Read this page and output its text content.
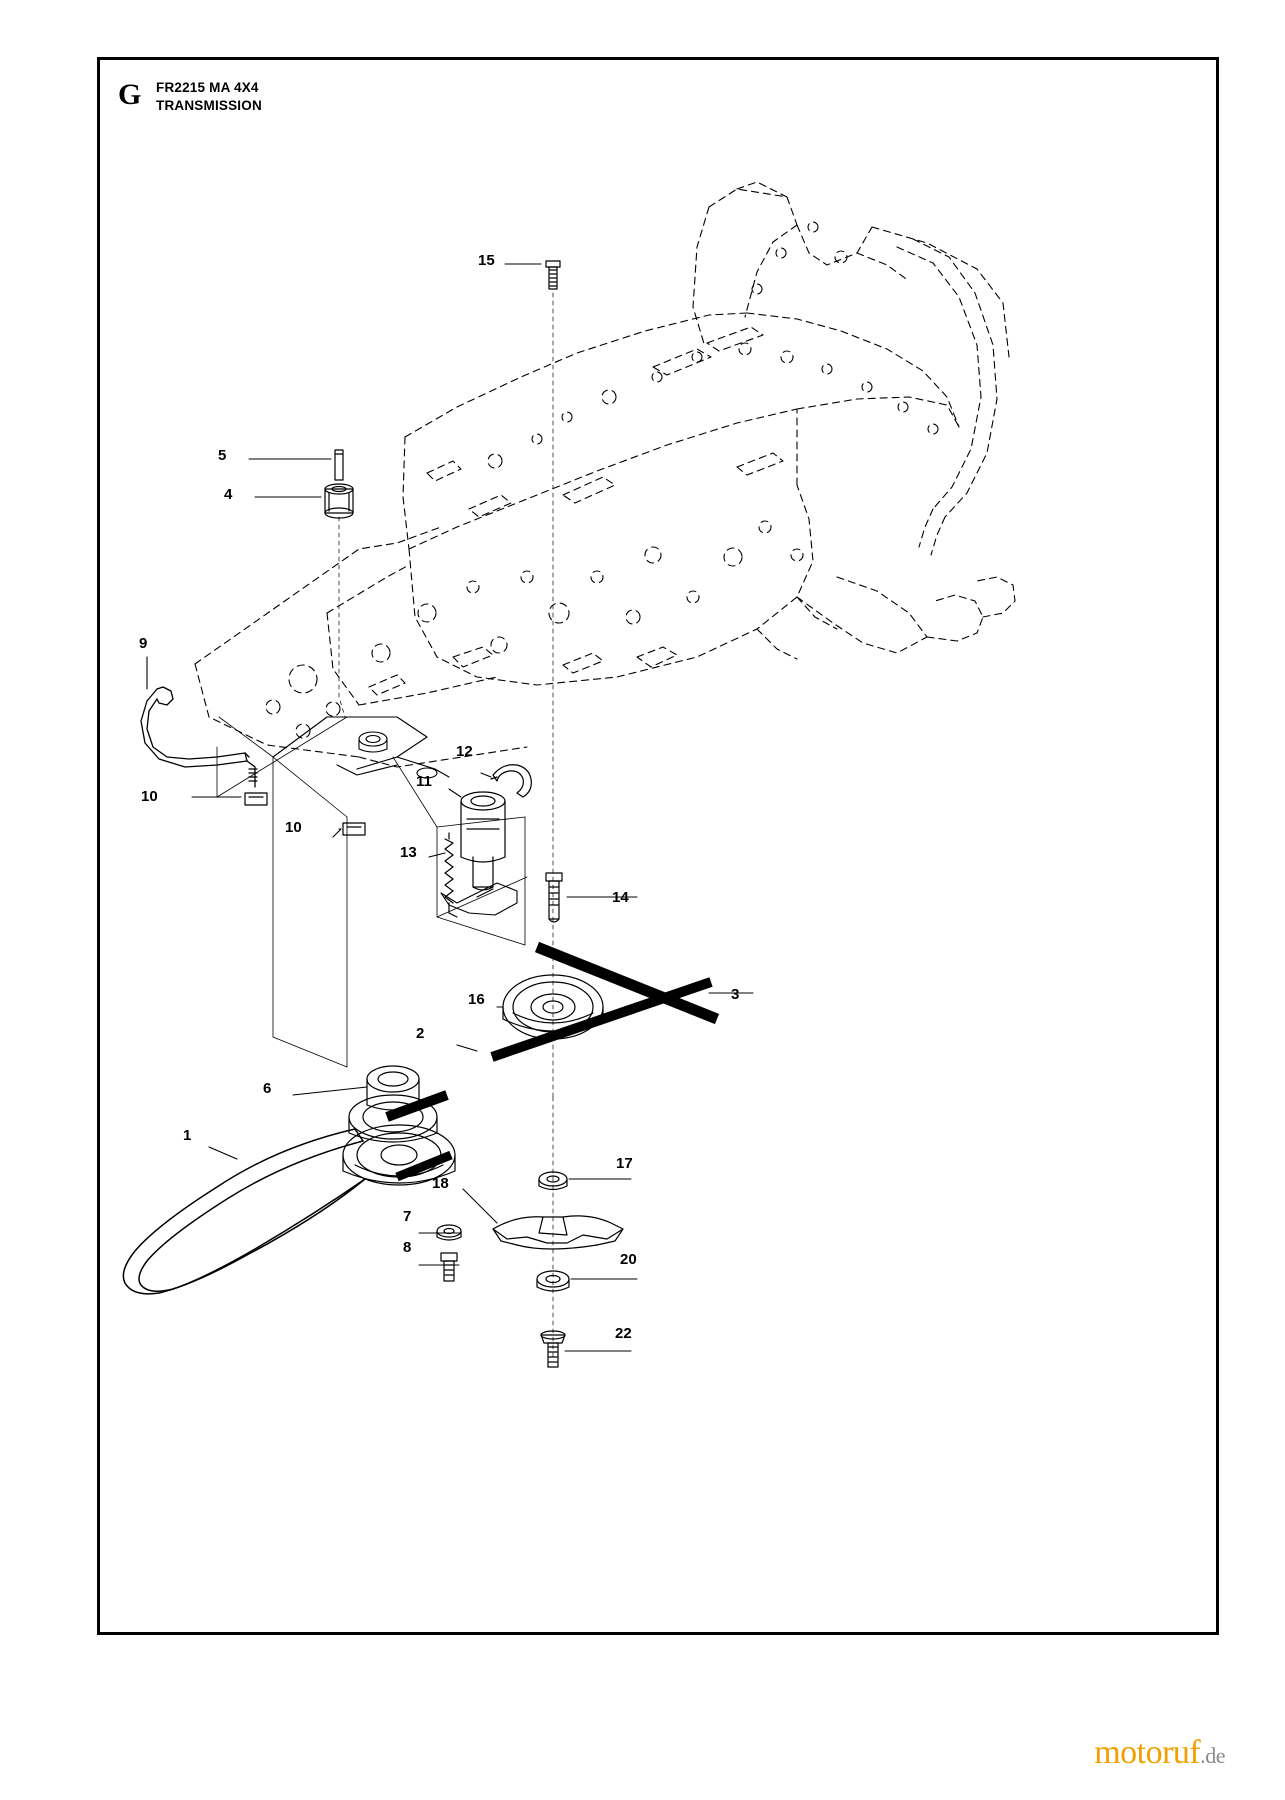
G FR2215 MA 4X4
TRANSMISSION
15
5
4
9
10
10
12
11
13
14
16	3
2
6
1
7
8
17
18
20
22
motoruf.de
